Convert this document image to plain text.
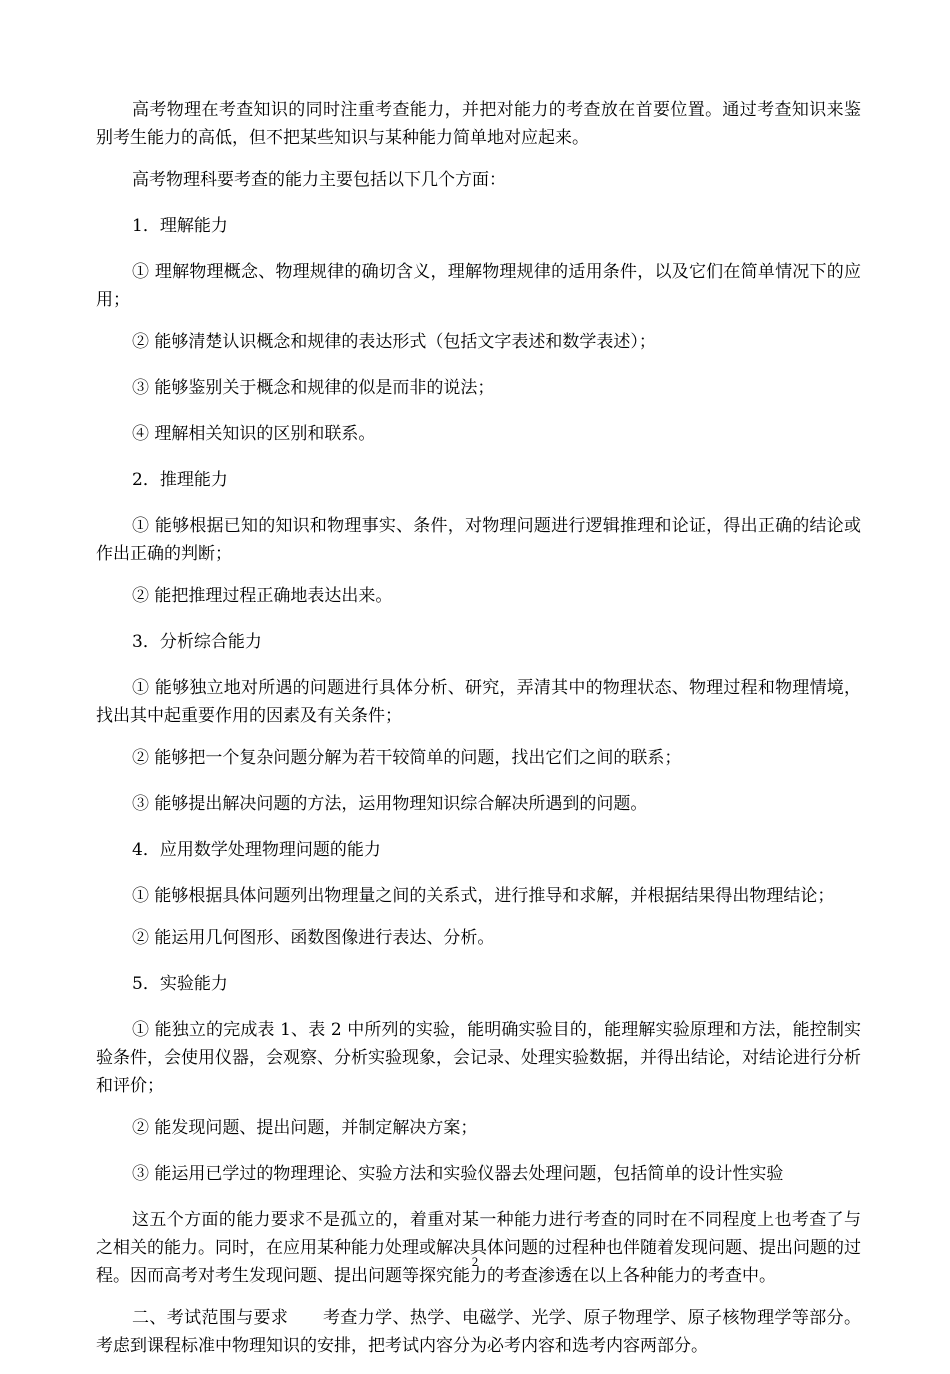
高考物理在考查知识的同时注重考查能力，并把对能力的考查放在首要位置。通过考查知识来鉴别考生能力的高低，但不把某些知识与某种能力简单地对应起来。

高考物理科要考查的能力主要包括以下几个方面：

1．理解能力

① 理解物理概念、物理规律的确切含义，理解物理规律的适用条件，以及它们在简单情况下的应用；

② 能够清楚认识概念和规律的表达形式（包括文字表述和数学表述）；

③ 能够鉴别关于概念和规律的似是而非的说法；

④ 理解相关知识的区别和联系。

2．推理能力

① 能够根据已知的知识和物理事实、条件，对物理问题进行逻辑推理和论证，得出正确的结论或作出正确的判断；

② 能把推理过程正确地表达出来。

3．分析综合能力

① 能够独立地对所遇的问题进行具体分析、研究，弄清其中的物理状态、物理过程和物理情境，找出其中起重要作用的因素及有关条件；

② 能够把一个复杂问题分解为若干较简单的问题，找出它们之间的联系；

③ 能够提出解决问题的方法，运用物理知识综合解决所遇到的问题。

4．应用数学处理物理问题的能力

① 能够根据具体问题列出物理量之间的关系式，进行推导和求解，并根据结果得出物理结论；

② 能运用几何图形、函数图像进行表达、分析。

5．实验能力

① 能独立的完成表 1、表 2 中所列的实验，能明确实验目的，能理解实验原理和方法，能控制实验条件，会使用仪器，会观察、分析实验现象，会记录、处理实验数据，并得出结论，对结论进行分析和评价；

② 能发现问题、提出问题，并制定解决方案；

③ 能运用已学过的物理理论、实验方法和实验仪器去处理问题，包括简单的设计性实验

这五个方面的能力要求不是孤立的，着重对某一种能力进行考查的同时在不同程度上也考查了与之相关的能力。同时，在应用某种能力处理或解决具体问题的过程种也伴随着发现问题、提出问题的过程。因而高考对考生发现问题、提出问题等探究能力的考查渗透在以上各种能力的考查中。

二、考试范围与要求　　考查力学、热学、电磁学、光学、原子物理学、原子核物理学等部分。考虑到课程标准中物理知识的安排，把考试内容分为必考内容和选考内容两部分。

2
